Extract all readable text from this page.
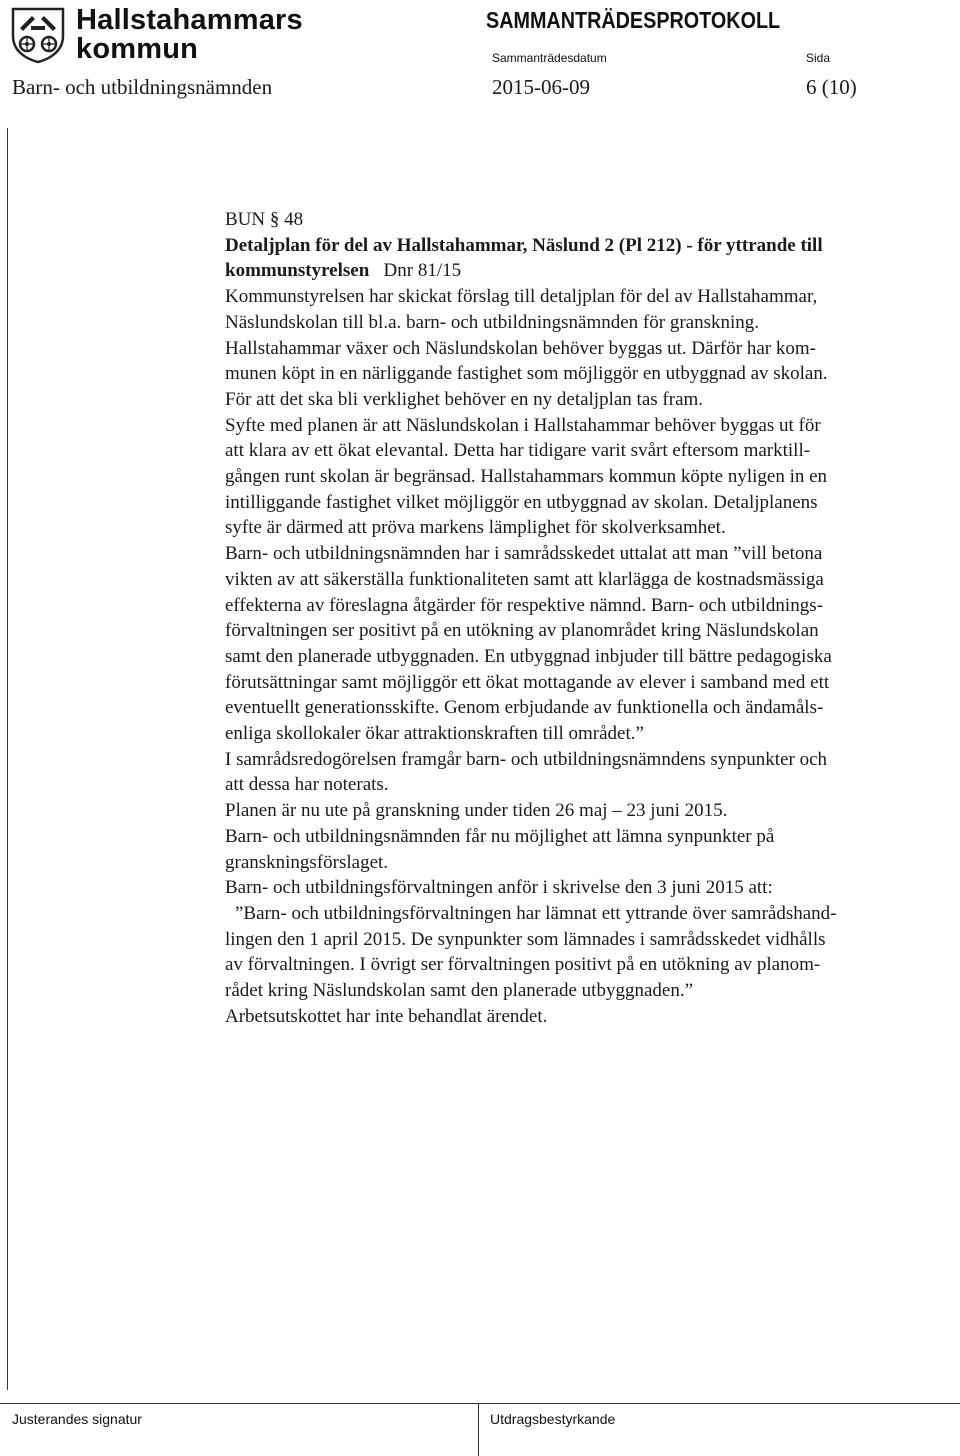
Hallstahammars
kommun
SAMMANTRÄDESPROTOKOLL
Sammanträdesdatum	Sida
Barn- och utbildningsnämnden	2015-06-09	6 (10)

BUN § 48

Detaljplan för del av Hallstahammar, Näslund 2 (Pl 212) - för yttrande till
kommunstyrelsen Dnr 81/15

Kommunstyrelsen har skickat förslag till detaljplan för del av Hallstahammar,
Näslundskolan till bl.a. barn- och utbildningsnämnden för granskning.

Hallstahammar växer och Näslundskolan behöver byggas ut. Därför har kom-
munen köpt in en närliggande fastighet som möjliggör en utbyggnad av skolan.
För att det ska bli verklighet behöver en ny detaljplan tas fram.

Syfte med planen är att Näslundskolan i Hallstahammar behöver byggas ut för
att klara av ett ökat elevantal. Detta har tidigare varit svårt eftersom marktill-
gången runt skolan är begränsad. Hallstahammars kommun köpte nyligen in en
intilliggande fastighet vilket möjliggör en utbyggnad av skolan. Detaljplanens
syfte är därmed att pröva markens lämplighet för skolverksamhet.

Barn- och utbildningsnämnden har i samrådsskedet uttalat att man ”vill betona
vikten av att säkerställa funktionaliteten samt att klarlägga de kostnadsmässiga
effekterna av föreslagna åtgärder för respektive nämnd. Barn- och utbildnings-
förvaltningen ser positivt på en utökning av planområdet kring Näslundskolan
samt den planerade utbyggnaden. En utbyggnad inbjuder till bättre pedagogiska
förutsättningar samt möjliggör ett ökat mottagande av elever i samband med ett
eventuellt generationsskifte. Genom erbjudande av funktionella och ändamåls-
enliga skollokaler ökar attraktionskraften till området.”

I samrådsredogörelsen framgår barn- och utbildningsnämndens synpunkter och
att dessa har noterats.

Planen är nu ute på granskning under tiden 26 maj – 23 juni 2015.

Barn- och utbildningsnämnden får nu möjlighet att lämna synpunkter på
granskningsförslaget.

Barn- och utbildningsförvaltningen anför i skrivelse den 3 juni 2015 att:

”Barn- och utbildningsförvaltningen har lämnat ett yttrande över samrådshand-
lingen den 1 april 2015. De synpunkter som lämnades i samrådsskedet vidhålls
av förvaltningen. I övrigt ser förvaltningen positivt på en utökning av planom-
rådet kring Näslundskolan samt den planerade utbyggnaden.”

Arbetsutskottet har inte behandlat ärendet.

Justerandes signatur	Utdragsbestyrkande
